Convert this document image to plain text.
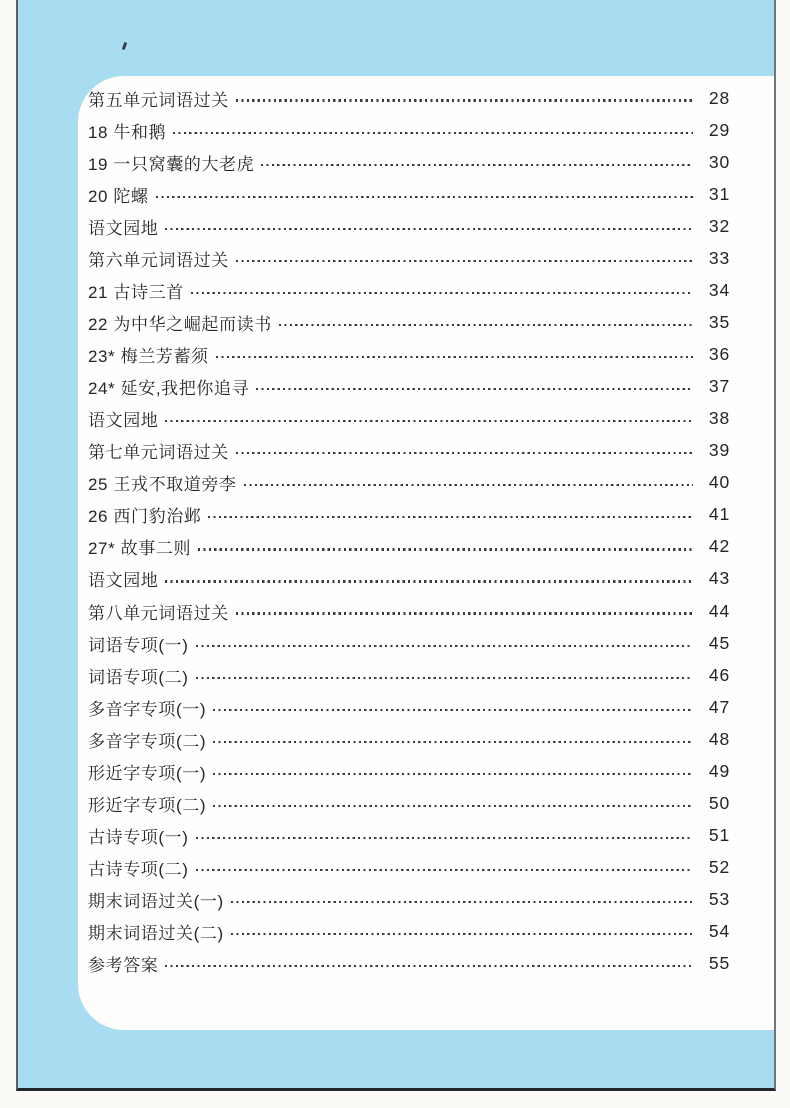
第五单元词语过关	28
18 牛和鹅	29
19 一只窝囊的大老虎	30
20 陀螺	31
语文园地	32
第六单元词语过关	33
21 古诗三首	34
22 为中华之崛起而读书	35
23* 梅兰芳蓄须	36
24* 延安,我把你追寻	37
语文园地	38
第七单元词语过关	39
25 王戎不取道旁李	40
26 西门豹治邺	41
27* 故事二则	42
语文园地	43
第八单元词语过关	44
词语专项(一)	45
词语专项(二)	46
多音字专项(一)	47
多音字专项(二)	48
形近字专项(一)	49
形近字专项(二)	50
古诗专项(一)	51
古诗专项(二)	52
期末词语过关(一)	53
期末词语过关(二)	54
参考答案	55
